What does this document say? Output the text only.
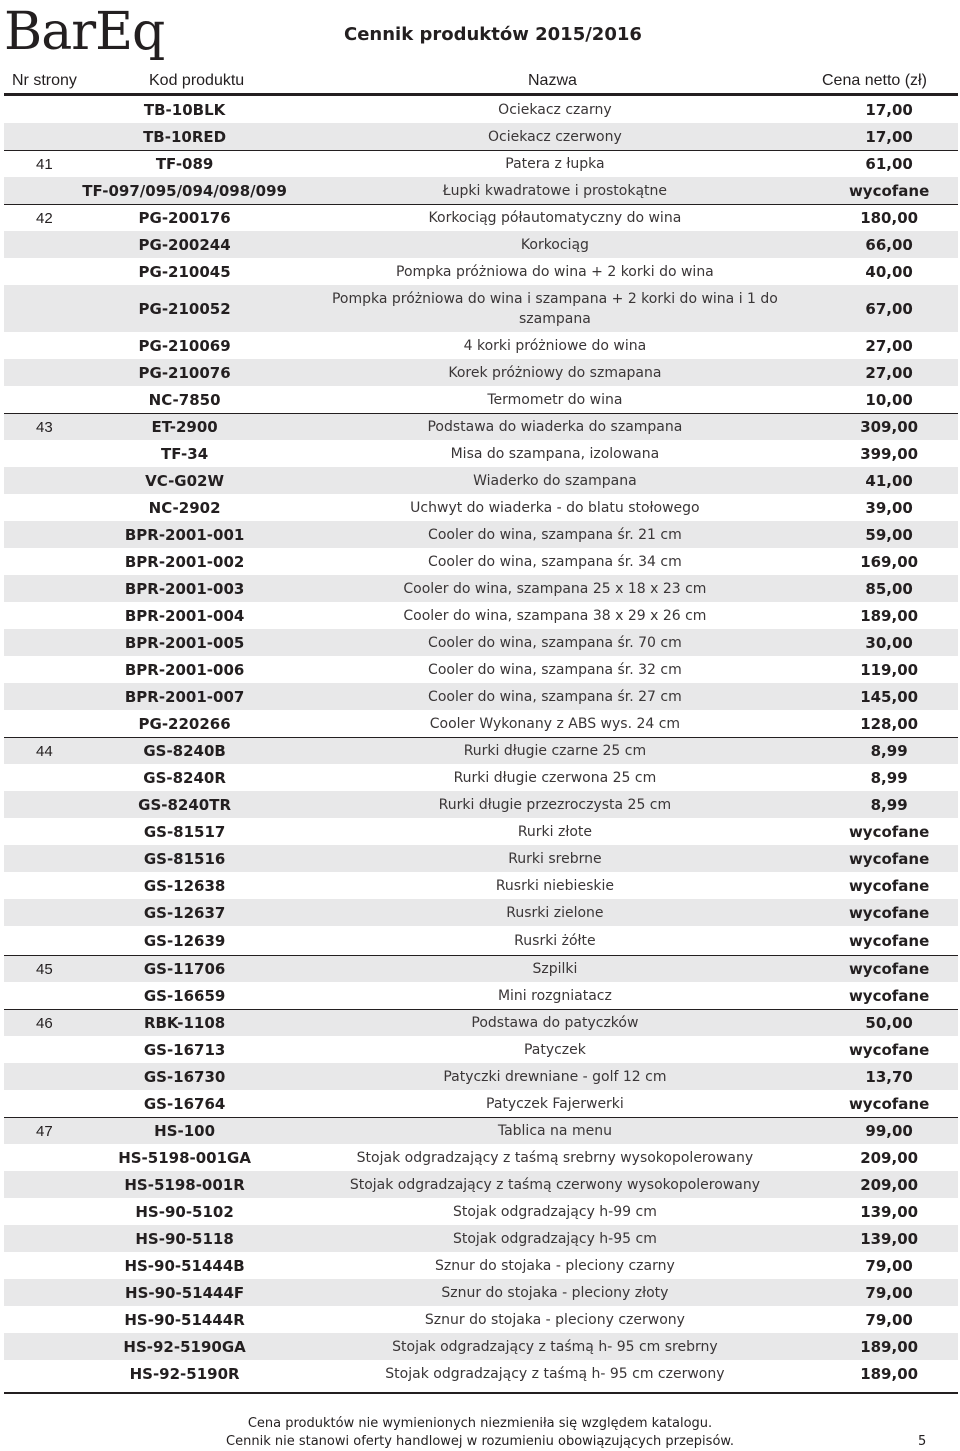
BarEq	Cennik produktów 2015/2016
Nr strony	Kod produktu	Nazwa	Cena netto (zł)
	TB-10BLK	Ociekacz czarny	17,00
	TB-10RED	Ociekacz czerwony	17,00
41	TF-089	Patera z łupka	61,00
	TF-097/095/094/098/099	Łupki kwadratowe i prostokątne	wycofane
42	PG-200176	Korkociąg półautomatyczny do wina	180,00
	PG-200244	Korkociąg	66,00
	PG-210045	Pompka próżniowa do wina + 2 korki do wina	40,00
	PG-210052	Pompka próżniowa do wina i szampana + 2 korki do wina i 1 do szampana	67,00
	PG-210069	4 korki próżniowe do wina	27,00
	PG-210076	Korek próżniowy do szmapana	27,00
	NC-7850	Termometr do wina	10,00
43	ET-2900	Podstawa do wiaderka do szampana	309,00
	TF-34	Misa do szampana, izolowana	399,00
	VC-G02W	Wiaderko do szampana	41,00
	NC-2902	Uchwyt do wiaderka - do blatu stołowego	39,00
	BPR-2001-001	Cooler do wina, szampana śr. 21 cm	59,00
	BPR-2001-002	Cooler do wina, szampana śr. 34 cm	169,00
	BPR-2001-003	Cooler do wina, szampana 25 x 18 x 23 cm	85,00
	BPR-2001-004	Cooler do wina, szampana 38 x 29 x 26 cm	189,00
	BPR-2001-005	Cooler do wina, szampana śr. 70 cm	30,00
	BPR-2001-006	Cooler do wina, szampana śr. 32 cm	119,00
	BPR-2001-007	Cooler do wina, szampana śr. 27 cm	145,00
	PG-220266	Cooler Wykonany z ABS wys. 24 cm	128,00
44	GS-8240B	Rurki długie czarne 25 cm	8,99
	GS-8240R	Rurki długie czerwona 25 cm	8,99
	GS-8240TR	Rurki długie przezroczysta 25 cm	8,99
	GS-81517	Rurki złote	wycofane
	GS-81516	Rurki srebrne	wycofane
	GS-12638	Rusrki niebieskie	wycofane
	GS-12637	Rusrki zielone	wycofane
	GS-12639	Rusrki żółte	wycofane
45	GS-11706	Szpilki	wycofane
	GS-16659	Mini rozgniatacz	wycofane
46	RBK-1108	Podstawa do patyczków	50,00
	GS-16713	Patyczek	wycofane
	GS-16730	Patyczki drewniane - golf 12 cm	13,70
	GS-16764	Patyczek Fajerwerki	wycofane
47	HS-100	Tablica na menu	99,00
	HS-5198-001GA	Stojak odgradzający z taśmą srebrny wysokopolerowany	209,00
	HS-5198-001R	Stojak odgradzający z taśmą czerwony wysokopolerowany	209,00
	HS-90-5102	Stojak odgradzający h-99 cm	139,00
	HS-90-5118	Stojak odgradzający h-95 cm	139,00
	HS-90-51444B	Sznur do stojaka - pleciony czarny	79,00
	HS-90-51444F	Sznur do stojaka - pleciony złoty	79,00
	HS-90-51444R	Sznur do stojaka - pleciony czerwony	79,00
	HS-92-5190GA	Stojak odgradzający z taśmą h- 95 cm srebrny	189,00
	HS-92-5190R	Stojak odgradzający z taśmą h- 95 cm czerwony	189,00
Cena produktów nie wymienionych niezmieniła się względem katalogu.
Cennik nie stanowi oferty handlowej w rozumieniu obowiązujących przepisów.	5
